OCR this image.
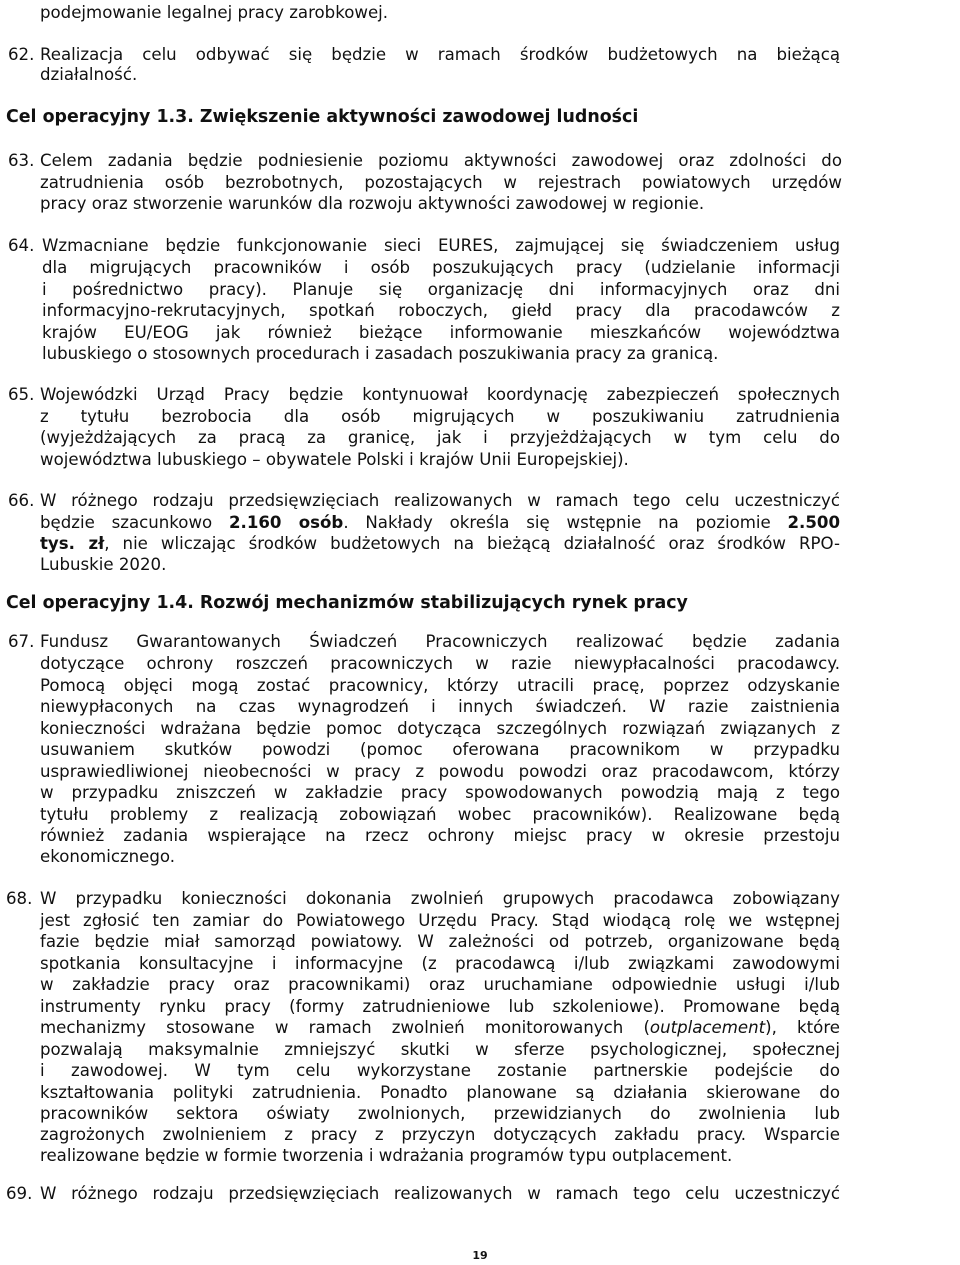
podejmowanie legalnej pracy zarobkowej.
62. Realizacja celu odbywać się będzie w ramach środków budżetowych na bieżącą
działalność.
Cel operacyjny 1.3. Zwiększenie aktywności zawodowej ludności
63. Celem zadania będzie podniesienie poziomu aktywności zawodowej oraz zdolności do
zatrudnienia osób bezrobotnych, pozostających w rejestrach powiatowych urzędów
pracy oraz stworzenie warunków dla rozwoju aktywności zawodowej w regionie.
64. Wzmacniane będzie funkcjonowanie sieci EURES, zajmującej się świadczeniem usług
dla migrujących pracowników i osób poszukujących pracy (udzielanie informacji
i pośrednictwo pracy). Planuje się organizację dni informacyjnych oraz dni
informacyjno-rekrutacyjnych, spotkań roboczych, giełd pracy dla pracodawców z
krajów EU/EOG jak również bieżące informowanie mieszkańców województwa
lubuskiego o stosownych procedurach i zasadach poszukiwania pracy za granicą.
65. Wojewódzki Urząd Pracy będzie kontynuował koordynację zabezpieczeń społecznych
z tytułu bezrobocia dla osób migrujących w poszukiwaniu zatrudnienia
(wyjeżdżających za pracą za granicę, jak i przyjeżdżających w tym celu do
województwa lubuskiego – obywatele Polski i krajów Unii Europejskiej).
66. W różnego rodzaju przedsięwzięciach realizowanych w ramach tego celu uczestniczyć
będzie szacunkowo 2.160 osób. Nakłady określa się wstępnie na poziomie 2.500
tys. zł, nie wliczając środków budżetowych na bieżącą działalność oraz środków RPO-
Lubuskie 2020.
Cel operacyjny 1.4. Rozwój mechanizmów stabilizujących rynek pracy
67. Fundusz Gwarantowanych Świadczeń Pracowniczych realizować będzie zadania
dotyczące ochrony roszczeń pracowniczych w razie niewypłacalności pracodawcy.
Pomocą objęci mogą zostać pracownicy, którzy utracili pracę, poprzez odzyskanie
niewypłaconych na czas wynagrodzeń i innych świadczeń. W razie zaistnienia
konieczności wdrażana będzie pomoc dotycząca szczególnych rozwiązań związanych z
usuwaniem skutków powodzi (pomoc oferowana pracownikom w przypadku
usprawiedliwionej nieobecności w pracy z powodu powodzi oraz pracodawcom, którzy
w przypadku zniszczeń w zakładzie pracy spowodowanych powodzią mają z tego
tytułu problemy z realizacją zobowiązań wobec pracowników). Realizowane będą
również zadania wspierające na rzecz ochrony miejsc pracy w okresie przestoju
ekonomicznego.
68. W przypadku konieczności dokonania zwolnień grupowych pracodawca zobowiązany
jest zgłosić ten zamiar do Powiatowego Urzędu Pracy. Stąd wiodącą rolę we wstępnej
fazie będzie miał samorząd powiatowy. W zależności od potrzeb, organizowane będą
spotkania konsultacyjne i informacyjne (z pracodawcą i/lub związkami zawodowymi
w zakładzie pracy oraz pracownikami) oraz uruchamiane odpowiednie usługi i/lub
instrumenty rynku pracy (formy zatrudnieniowe lub szkoleniowe). Promowane będą
mechanizmy stosowane w ramach zwolnień monitorowanych (outplacement), które
pozwalają maksymalnie zmniejszyć skutki w sferze psychologicznej, społecznej
i zawodowej. W tym celu wykorzystane zostanie partnerskie podejście do
kształtowania polityki zatrudnienia. Ponadto planowane są działania skierowane do
pracowników sektora oświaty zwolnionych, przewidzianych do zwolnienia lub
zagrożonych zwolnieniem z pracy z przyczyn dotyczących zakładu pracy. Wsparcie
realizowane będzie w formie tworzenia i wdrażania programów typu outplacement.
69. W różnego rodzaju przedsięwzięciach realizowanych w ramach tego celu uczestniczyć
19
